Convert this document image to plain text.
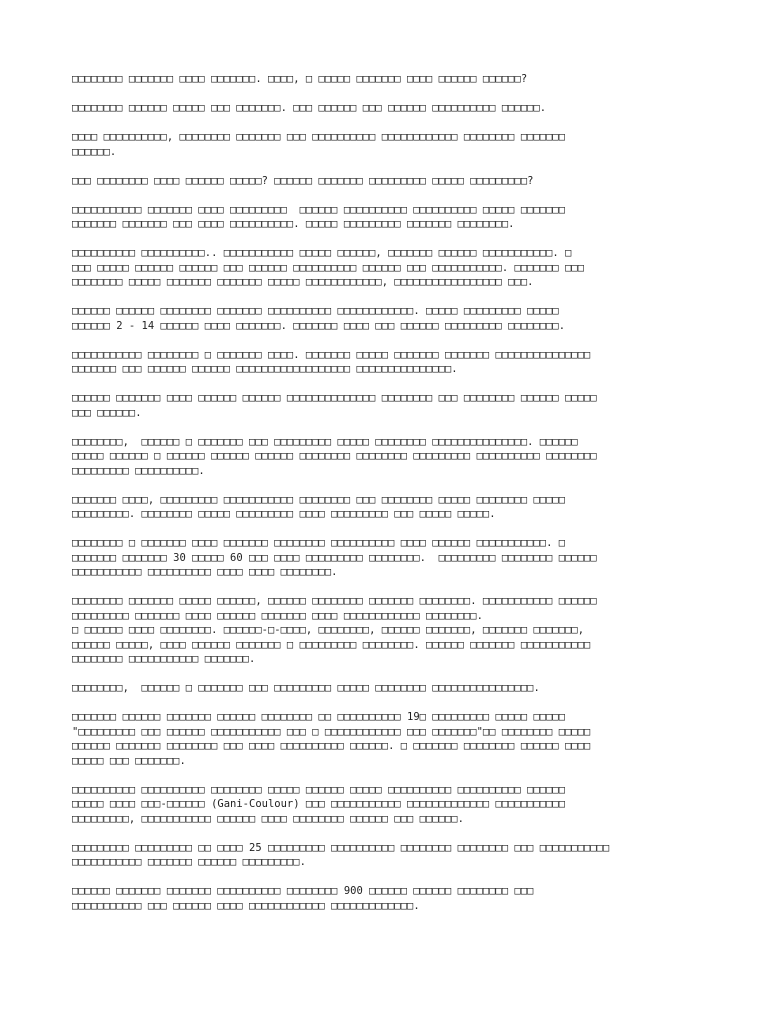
□□□□□□□□ □□□□□□□ □□□□ □□□□□□□. □□□□, □ □□□□□ □□□□□□□ □□□□ □□□□□□ □□□□□□?

□□□□□□□□ □□□□□□ □□□□□ □□□ □□□□□□□. □□□ □□□□□□ □□□ □□□□□□ □□□□□□□□□□ □□□□□□.

□□□□ □□□□□□□□□□, □□□□□□□□ □□□□□□□ □□□ □□□□□□□□□□ □□□□□□□□□□□□ □□□□□□□□ □□□□□□□
□□□□□□.

□□□ □□□□□□□□ □□□□ □□□□□□ □□□□□? □□□□□□ □□□□□□□ □□□□□□□□□ □□□□□ □□□□□□□□□?

□□□□□□□□□□□ □□□□□□□ □□□□ □□□□□□□□□  □□□□□□ □□□□□□□□□□ □□□□□□□□□□ □□□□□ □□□□□□□
□□□□□□□ □□□□□□□ □□□ □□□□ □□□□□□□□□□. □□□□□ □□□□□□□□□ □□□□□□□ □□□□□□□□.

□□□□□□□□□□ □□□□□□□□□□.. □□□□□□□□□□□ □□□□□ □□□□□□, □□□□□□□ □□□□□□ □□□□□□□□□□□. □
□□□ □□□□□ □□□□□□ □□□□□□ □□□ □□□□□□ □□□□□□□□□□ □□□□□□ □□□ □□□□□□□□□□□. □□□□□□□ □□□
□□□□□□□□ □□□□□ □□□□□□□ □□□□□□□ □□□□□ □□□□□□□□□□□□, □□□□□□□□□□□□□□□□□ □□□.

□□□□□□ □□□□□□ □□□□□□□□ □□□□□□□ □□□□□□□□□□ □□□□□□□□□□□□. □□□□□ □□□□□□□□□ □□□□□
□□□□□□ 2 - 14 □□□□□□ □□□□ □□□□□□□. □□□□□□□ □□□□ □□□ □□□□□□ □□□□□□□□□ □□□□□□□□.

□□□□□□□□□□□ □□□□□□□□ □ □□□□□□□ □□□□. □□□□□□□ □□□□□ □□□□□□□ □□□□□□□ □□□□□□□□□□□□□□□
□□□□□□□ □□□ □□□□□□ □□□□□□ □□□□□□□□□□□□□□□□□□ □□□□□□□□□□□□□□□.

□□□□□□ □□□□□□□ □□□□ □□□□□□ □□□□□□ □□□□□□□□□□□□□□ □□□□□□□□ □□□ □□□□□□□□ □□□□□□ □□□□□
□□□ □□□□□□.

□□□□□□□□,  □□□□□□ □ □□□□□□□ □□□ □□□□□□□□□ □□□□□ □□□□□□□□ □□□□□□□□□□□□□□□. □□□□□□
□□□□□ □□□□□□ □ □□□□□□ □□□□□□ □□□□□□ □□□□□□□□ □□□□□□□□ □□□□□□□□□ □□□□□□□□□□ □□□□□□□□
□□□□□□□□□ □□□□□□□□□□.

□□□□□□□ □□□□, □□□□□□□□□ □□□□□□□□□□□ □□□□□□□□ □□□ □□□□□□□□ □□□□□ □□□□□□□□ □□□□□
□□□□□□□□□. □□□□□□□□ □□□□□ □□□□□□□□□ □□□□ □□□□□□□□□ □□□ □□□□□ □□□□□.

□□□□□□□□ □ □□□□□□□ □□□□ □□□□□□□ □□□□□□□□ □□□□□□□□□□ □□□□ □□□□□□ □□□□□□□□□□□. □
□□□□□□□ □□□□□□□ 30 □□□□□ 60 □□□ □□□□ □□□□□□□□□ □□□□□□□□.  □□□□□□□□□ □□□□□□□□ □□□□□□
□□□□□□□□□□□ □□□□□□□□□□ □□□□ □□□□ □□□□□□□□.

□□□□□□□□ □□□□□□□ □□□□□ □□□□□□, □□□□□□ □□□□□□□□ □□□□□□□ □□□□□□□□. □□□□□□□□□□□ □□□□□□
□□□□□□□□□ □□□□□□□ □□□□ □□□□□□ □□□□□□□ □□□□ □□□□□□□□□□□□ □□□□□□□□.
□ □□□□□□ □□□□ □□□□□□□□. □□□□□□-□-□□□□, □□□□□□□□, □□□□□□ □□□□□□□, □□□□□□□ □□□□□□□,
□□□□□□ □□□□□, □□□□ □□□□□□ □□□□□□□ □ □□□□□□□□□ □□□□□□□□. □□□□□□ □□□□□□□ □□□□□□□□□□□
□□□□□□□□ □□□□□□□□□□□ □□□□□□□.

□□□□□□□□,  □□□□□□ □ □□□□□□□ □□□ □□□□□□□□□ □□□□□ □□□□□□□□ □□□□□□□□□□□□□□□□.

□□□□□□□ □□□□□□ □□□□□□□ □□□□□□ □□□□□□□□ □□ □□□□□□□□□□ 19□ □□□□□□□□□ □□□□□ □□□□□
"□□□□□□□□□ □□□ □□□□□□ □□□□□□□□□□□ □□□ □ □□□□□□□□□□□□ □□□ □□□□□□□"□□ □□□□□□□□ □□□□□
□□□□□□ □□□□□□□ □□□□□□□□ □□□ □□□□ □□□□□□□□□□ □□□□□□. □ □□□□□□□ □□□□□□□□ □□□□□□ □□□□
□□□□□ □□□ □□□□□□□.

□□□□□□□□□□ □□□□□□□□□□ □□□□□□□□ □□□□□ □□□□□□ □□□□□ □□□□□□□□□□ □□□□□□□□□□ □□□□□□
□□□□□ □□□□ □□□-□□□□□□ (Gani-Coulour) □□□ □□□□□□□□□□□ □□□□□□□□□□□□□ □□□□□□□□□□□
□□□□□□□□□, □□□□□□□□□□□ □□□□□□ □□□□ □□□□□□□□ □□□□□□ □□□ □□□□□□.

□□□□□□□□□ □□□□□□□□□ □□ □□□□ 25 □□□□□□□□□ □□□□□□□□□□ □□□□□□□□ □□□□□□□□ □□□ □□□□□□□□□□□
□□□□□□□□□□□ □□□□□□□ □□□□□□ □□□□□□□□□.

□□□□□□ □□□□□□□ □□□□□□□ □□□□□□□□□□ □□□□□□□□ 900 □□□□□□ □□□□□□ □□□□□□□□ □□□
□□□□□□□□□□□ □□□ □□□□□□ □□□□ □□□□□□□□□□□□ □□□□□□□□□□□□□.
